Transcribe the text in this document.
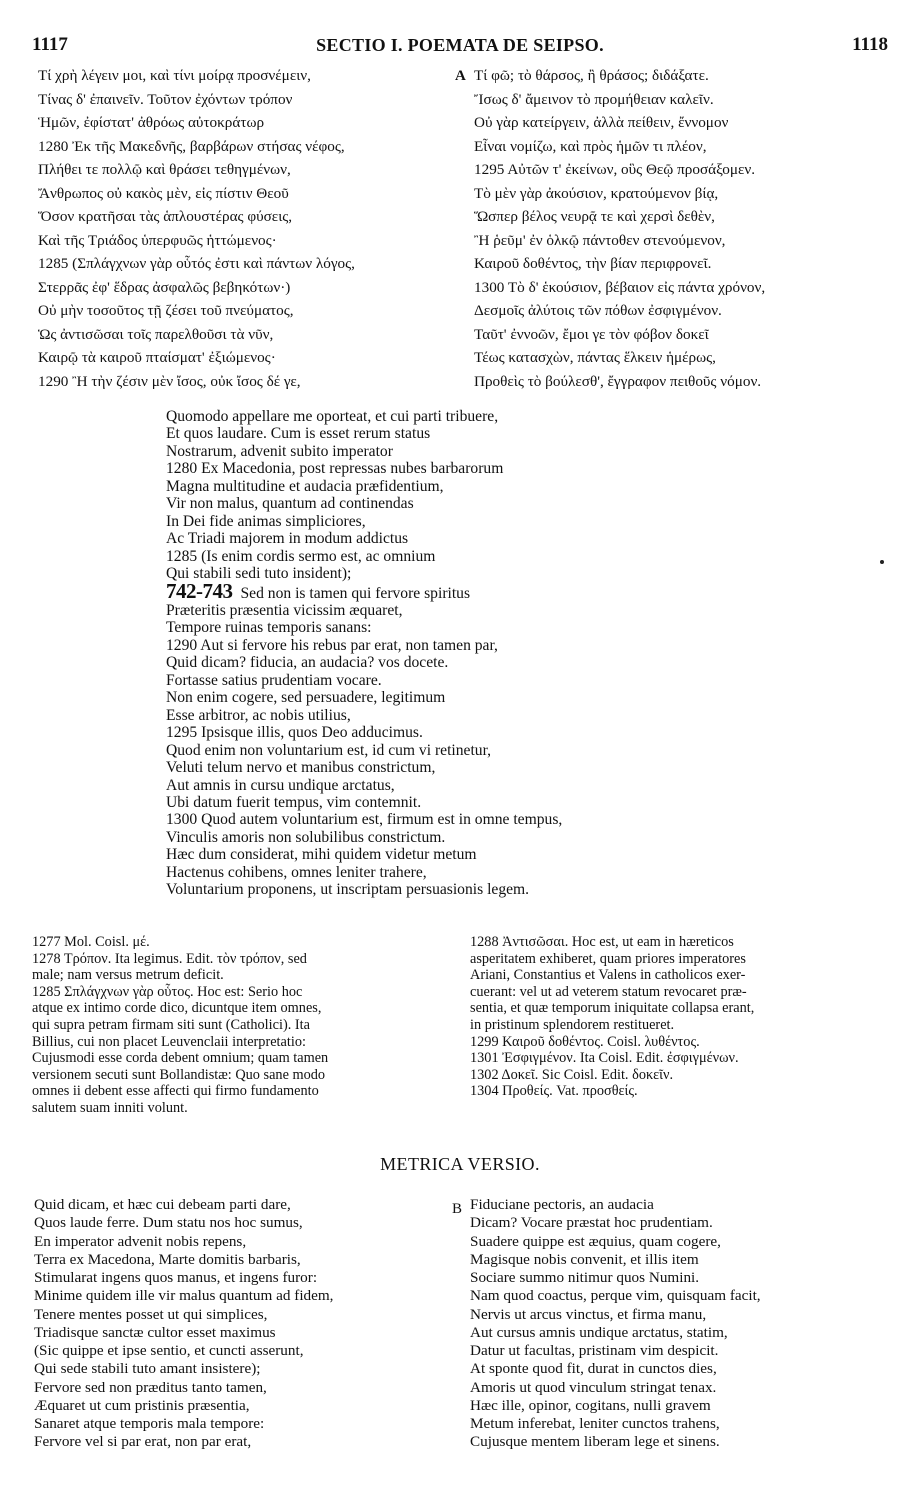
1117	SECTIO I. POEMATA DE SEIPSO.	1118
Τί χρὴ λέγειν μοι, καὶ τίνι μοίρᾳ προσνέμειν,
Τίνας δ' ἐπαινεῖν. Τοῦτον ἐχόντων τρόπον
Ἡμῶν, ἐφίστατ' ἀθρόως αὐτοκράτωρ
1280 Ἐκ τῆς Μακεδνῆς, βαρβάρων στήσας νέφος,
Πλήθει τε πολλῷ καὶ θράσει τεθηγμένων,
Ἄνθρωπος οὐ κακὸς μὲν, εἰς πίστιν Θεοῦ
Ὅσον κρατῆσαι τὰς ἁπλουστέρας φύσεις,
Καὶ τῆς Τριάδος ὑπερφυῶς ἡττώμενος·
1285 (Σπλάγχνων γὰρ οὗτός ἐστι καὶ πάντων λόγος,
Στερρᾶς ἐφ' ἕδρας ἀσφαλῶς βεβηκότων·)
Οὐ μὴν τοσοῦτος τῇ ζέσει τοῦ πνεύματος,
Ὡς ἀντισῶσαι τοῖς παρελθοῦσι τὰ νῦν,
Καιρῷ τὰ καιροῦ πταίσματ' ἐξιώμενος·
1290 Ἢ τὴν ζέσιν μὲν ἴσος, οὐκ ἴσος δέ γε,
A Τί φῶ; τὸ θάρσος, ἢ θράσος; διδάξατε.
Ἴσως δ' ἄμεινον τὸ προμήθειαν καλεῖν.
Οὐ γὰρ κατείργειν, ἀλλὰ πείθειν, ἔννομον
Εἶναι νομίζω, καὶ πρὸς ἡμῶν τι πλέον,
1295 Αὐτῶν τ' ἐκείνων, οὓς Θεῷ προσάξομεν.
Τὸ μὲν γὰρ ἀκούσιον, κρατούμενον βίᾳ,
Ὥσπερ βέλος νευρᾷ τε καὶ χερσὶ δεθὲν,
Ἢ ῥεῦμ' ἐν ὁλκῷ πάντοθεν στενούμενον,
Καιροῦ δοθέντος, τὴν βίαν περιφρονεῖ.
1300 Τὸ δ' ἑκούσιον, βέβαιον εἰς πάντα χρόνον,
Δεσμοῖς ἀλύτοις τῶν πόθων ἐσφιγμένον.
Ταῦτ' ἐννοῶν, ἔμοι γε τὸν φόβον δοκεῖ
Τέως κατασχὼν, πάντας ἕλκειν ἡμέρως,
Προθεὶς τὸ βούλεσθ', ἔγγραφον πειθοῦς νόμον.
Quomodo appellare me oporteat, et cui parti tribuere,
Et quos laudare. Cum is esset rerum status
Nostrarum, advenit subito imperator
1280 Ex Macedonia, post repressas nubes barbarorum
Magna multitudine et audacia præfidentium,
Vir non malus, quantum ad continendas
In Dei fide animas simpliciores,
Ac Triadi majorem in modum addictus
1285 (Is enim cordis sermo est, ac omnium
Qui stabili sedi tuto insident);
742-743 Sed non is tamen qui fervore spiritus
Præteritis præsentia vicissim æquaret,
Tempore ruinas temporis sanans:
1290 Aut si fervore his rebus par erat, non tamen par,
Quid dicam? fiducia, an audacia? vos docete.
Fortasse satius prudentiam vocare.
Non enim cogere, sed persuadere, legitimum
Esse arbitror, ac nobis utilius,
1295 Ipsisque illis, quos Deo adducimus.
Quod enim non voluntarium est, id cum vi retinetur,
Veluti telum nervo et manibus constrictum,
Aut amnis in cursu undique arctatus,
Ubi datum fuerit tempus, vim contemnit.
1300 Quod autem voluntarium est, firmum est in omne tempus,
Vinculis amoris non solubilibus constrictum.
Hæc dum considerat, mihi quidem videtur metum
Hactenus cohibens, omnes leniter trahere,
Voluntarium proponens, ut inscriptam persuasionis legem.
1277 Mol. Coisl. μέ.
1278 Τρόπον. Ita legimus. Edit. τὸν τρόπον, sed
male; nam versus metrum deficit.
1285 Σπλάγχνων γὰρ οὗτος. Hoc est: Serio hoc
atque ex intimo corde dico, dicuntque item omnes,
qui supra petram firmam siti sunt (Catholici). Ita
Billius, cui non placet Leuvenclaii interpretatio:
Cujusmodi esse corda debent omnium; quam tamen
versionem secuti sunt Bollandistæ: Quo sane modo
omnes ii debent esse affecti qui firmo fundamento
salutem suam inniti volunt.
1288 Ἀντισῶσαι. Hoc est, ut eam in hæreticos
asperitatem exhiberet, quam priores imperatores
Ariani, Constantius et Valens in catholicos exer-
cuerant: vel ut ad veterem statum revocaret præ-
sentia, et quæ temporum iniquitate collapsa erant,
in pristinum splendorem restitueret.
1299 Καιροῦ δοθέντος. Coisl. λυθέντος.
1301 Ἐσφιγμένον. Ita Coisl. Edit. ἐσφιγμένων.
1302 Δοκεῖ. Sic Coisl. Edit. δοκεῖν.
1304 Προθείς. Vat. προσθείς.
METRICA VERSIO.
Quid dicam, et hæc cui debeam parti dare,
Quos laude ferre. Dum statu nos hoc sumus,
En imperator advenit nobis repens,
Terra ex Macedona, Marte domitis barbaris,
Stimularat ingens quos manus, et ingens furor:
Minime quidem ille vir malus quantum ad fidem,
Tenere mentes posset ut qui simplices,
Triadisque sanctæ cultor esset maximus
(Sic quippe et ipse sentio, et cuncti asserunt,
Qui sede stabili tuto amant insistere);
Fervore sed non præditus tanto tamen,
Æquaret ut cum pristinis præsentia,
Sanaret atque temporis mala tempore:
Fervore vel si par erat, non par erat,
B Fiduciane pectoris, an audacia
Dicam? Vocare præstat hoc prudentiam.
Suadere quippe est æquius, quam cogere,
Magisque nobis convenit, et illis item
Sociare summo nitimur quos Numini.
Nam quod coactus, perque vim, quisquam facit,
Nervis ut arcus vinctus, et firma manu,
Aut cursus amnis undique arctatus, statim,
Datur ut facultas, pristinam vim despicit.
At sponte quod fit, durat in cunctos dies,
Amoris ut quod vinculum stringat tenax.
Hæc ille, opinor, cogitans, nulli gravem
Metum inferebat, leniter cunctos trahens,
Cujusque mentem liberam lege et sinens.
